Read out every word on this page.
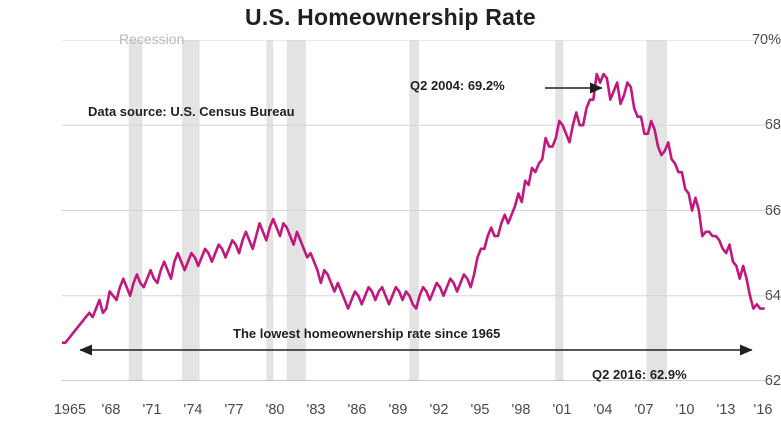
U.S. Homeownership Rate
70%
68
66
64
62
1965 '68 '71 '74 '77 '80 '83 '86 '89 '92 '95 '98 '01 '04 '07 '10 '13 '16
Recession
Data source: U.S. Census Bureau
Q2 2004: 69.2%
Q2 2016: 62.9%
The lowest homeownership rate since 1965
